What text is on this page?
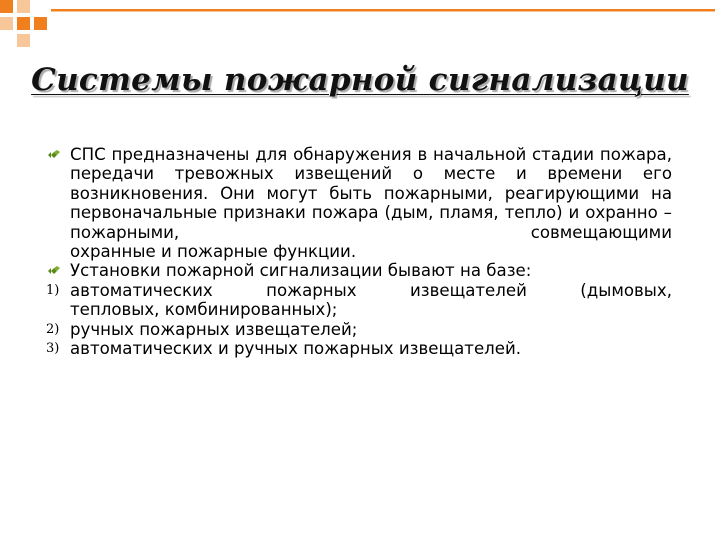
Системы пожарной сигнализации
СПС предназначены для обнаружения в начальной стадии пожара, передачи тревожных извещений о месте и времени его возникновения. Они могут быть пожарными, реагирующими на первоначальные признаки пожара (дым, пламя, тепло) и охранно – пожарными, совмещающими
охранные и пожарные функции.
Установки пожарной сигнализации бывают на базе:
1) автоматических пожарных извещателей (дымовых,
тепловых, комбинированных);
2) ручных пожарных извещателей;
3) автоматических и ручных пожарных извещателей.
